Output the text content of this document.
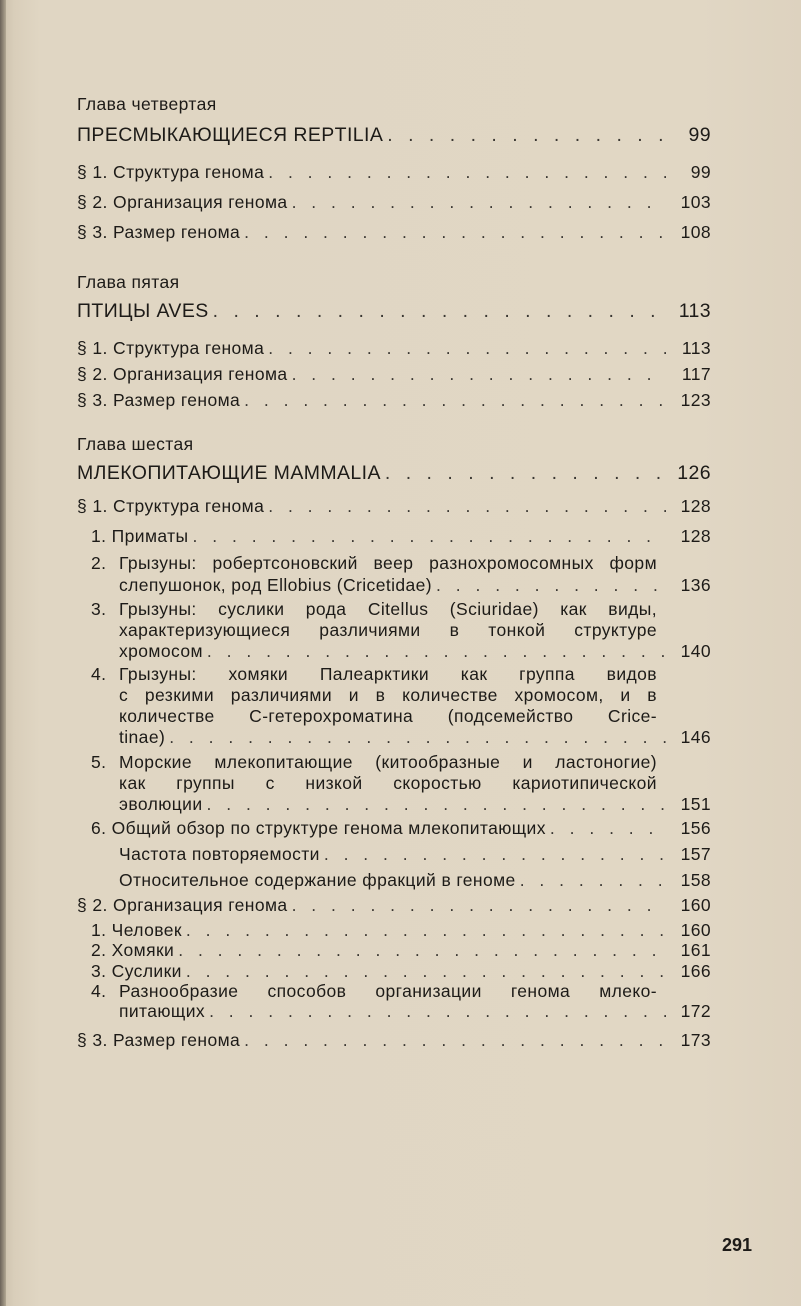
Глава четвертая
ПРЕСМЫКАЮЩИЕСЯ REPTILIA . . .	99
§ 1. Структура генома . . .	99
§ 2. Организация генома . . .	103
§ 3. Размер генома . . .	108
Глава пятая
ПТИЦЫ AVES . . .	113
§ 1. Структура генома . . .	113
§ 2. Организация генома . . .	117
§ 3. Размер генома . . .	123
Глава шестая
МЛЕКОПИТАЮЩИЕ MAMMALIA . . .	126
§ 1. Структура генома . . .	128
1. Приматы . . .	128
2. Грызуны: робертсоновский веер разнохромосомных форм
слепушонок, род Ellobius (Cricetidae) . . .	136
3. Грызуны: суслики рода Citellus (Sciuridae) как виды,
характеризующиеся различиями в тонкой структуре
хромосом . . .	140
4. Грызуны: хомяки Палеарктики как группа видов
с резкими различиями и в количестве хромосом, и в
количестве С-гетерохроматина (подсемейство Crice-
tinae) . . .	146
5. Морские млекопитающие (китообразные и ластоногие)
как группы с низкой скоростью кариотипической
эволюции . . .	151
6. Общий обзор по структуре генома млекопитающих . . .	156
Частота повторяемости . . .	157
Относительное содержание фракций в геноме . . .	158
§ 2. Организация генома . . .	160
1. Человек . . .	160
2. Хомяки . . .	161
3. Суслики . . .	166
4. Разнообразие способов организации генома млеко-
питающих . . .	172
§ 3. Размер генома . . .	173
291
